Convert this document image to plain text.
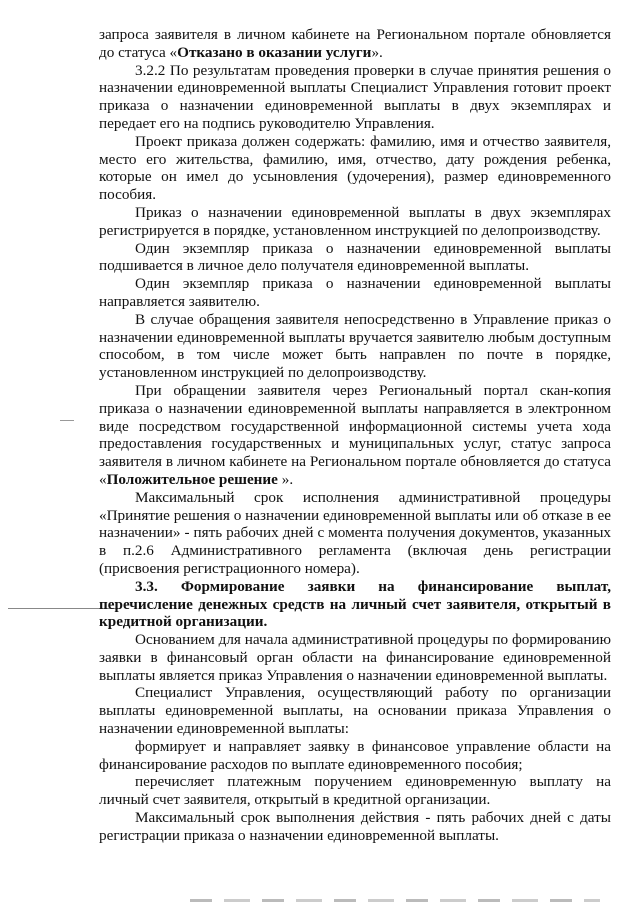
запроса заявителя в личном кабинете на Региональном портале обновляется до статуса «Отказано в оказании услуги».

3.2.2 По результатам проведения проверки в случае принятия решения о назначении единовременной выплаты Специалист Управления готовит проект приказа о назначении единовременной выплаты в двух экземплярах и передает его на подпись руководителю Управления.

Проект приказа должен содержать: фамилию, имя и отчество заявителя, место его жительства, фамилию, имя, отчество, дату рождения ребенка, которые он имел до усыновления (удочерения), размер единовременного пособия.

Приказ о назначении единовременной выплаты в двух экземплярах регистрируется в порядке, установленном инструкцией по делопроизводству.

Один экземпляр приказа о назначении единовременной выплаты подшивается в личное дело получателя единовременной выплаты.

Один экземпляр приказа о назначении единовременной выплаты направляется заявителю.

В случае обращения заявителя непосредственно в Управление приказ о назначении единовременной выплаты вручается заявителю любым доступным способом, в том числе может быть направлен по почте в порядке, установленном инструкцией по делопроизводству.

При обращении заявителя через Региональный портал скан-копия приказа о назначении единовременной выплаты направляется в электронном виде посредством государственной информационной системы учета хода предоставления государственных и муниципальных услуг, статус запроса заявителя в личном кабинете на Региональном портале обновляется до статуса «Положительное решение ».

Максимальный срок исполнения административной процедуры «Принятие решения о назначении единовременной выплаты или об отказе в ее назначении» - пять рабочих дней с момента получения документов, указанных в п.2.6 Административного регламента (включая день регистрации (присвоения регистрационного номера).

3.3. Формирование заявки на финансирование выплат, перечисление денежных средств на личный счет заявителя, открытый в кредитной организации.

Основанием для начала административной процедуры по формированию заявки в финансовый орган области на финансирование единовременной выплаты является приказ Управления о назначении единовременной выплаты.

Специалист Управления, осуществляющий работу по организации выплаты единовременной выплаты, на основании приказа Управления о назначении единовременной выплаты:

формирует и направляет заявку в финансовое управление области на финансирование расходов по выплате единовременного пособия;

перечисляет платежным поручением единовременную выплату на личный счет заявителя, открытый в кредитной организации.

Максимальный срок выполнения действия - пять рабочих дней с даты регистрации приказа о назначении единовременной выплаты.
